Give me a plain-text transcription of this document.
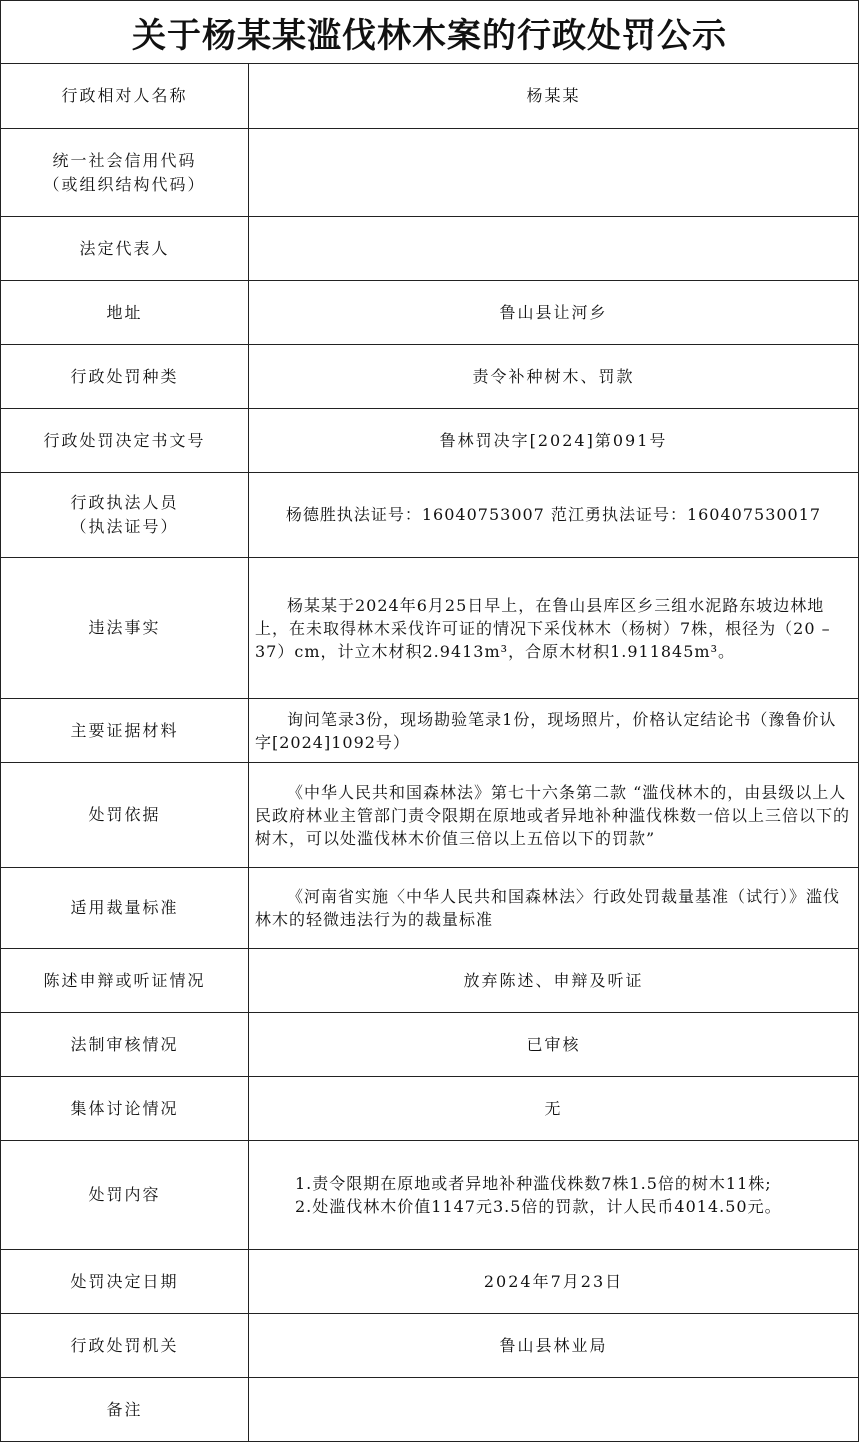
关于杨某某滥伐林木案的行政处罚公示
行政相对人名称	杨某某
统一社会信用代码
（或组织结构代码）	
法定代表人	
地址	鲁山县让河乡
行政处罚种类	责令补种树木、罚款
行政处罚决定书文号	鲁林罚决字[2024]第091号
行政执法人员
（执法证号）	杨德胜执法证号：16040753007 范江勇执法证号：160407530017
违法事实	杨某某于2024年6月25日早上，在鲁山县库区乡三组水泥路东坡边林地上，在未取得林木采伐许可证的情况下采伐林木（杨树）7株，根径为（20 – 37）cm，计立木材积2.9413m³，合原木材积1.911845m³。

主要证据材料	询问笔录3份，现场勘验笔录1份，现场照片，价格认定结论书（豫鲁价认字[2024]1092号）

处罚依据	《中华人民共和国森林法》第七十六条第二款 “滥伐林木的，由县级以上人民政府林业主管部门责令限期在原地或者异地补种滥伐株数一倍以上三倍以下的树木，可以处滥伐林木价值三倍以上五倍以下的罚款”

适用裁量标准	《河南省实施〈中华人民共和国森林法〉行政处罚裁量基准（试行）》滥伐林木的轻微违法行为的裁量标准

陈述申辩或听证情况	放弃陈述、申辩及听证
法制审核情况	已审核
集体讨论情况	无
处罚内容	1.责令限期在原地或者异地补种滥伐株数7株1.5倍的树木11株;
2.处滥伐林木价值1147元3.5倍的罚款，计人民币4014.50元。

处罚决定日期	2024年7月23日
行政处罚机关	鲁山县林业局
备注	
